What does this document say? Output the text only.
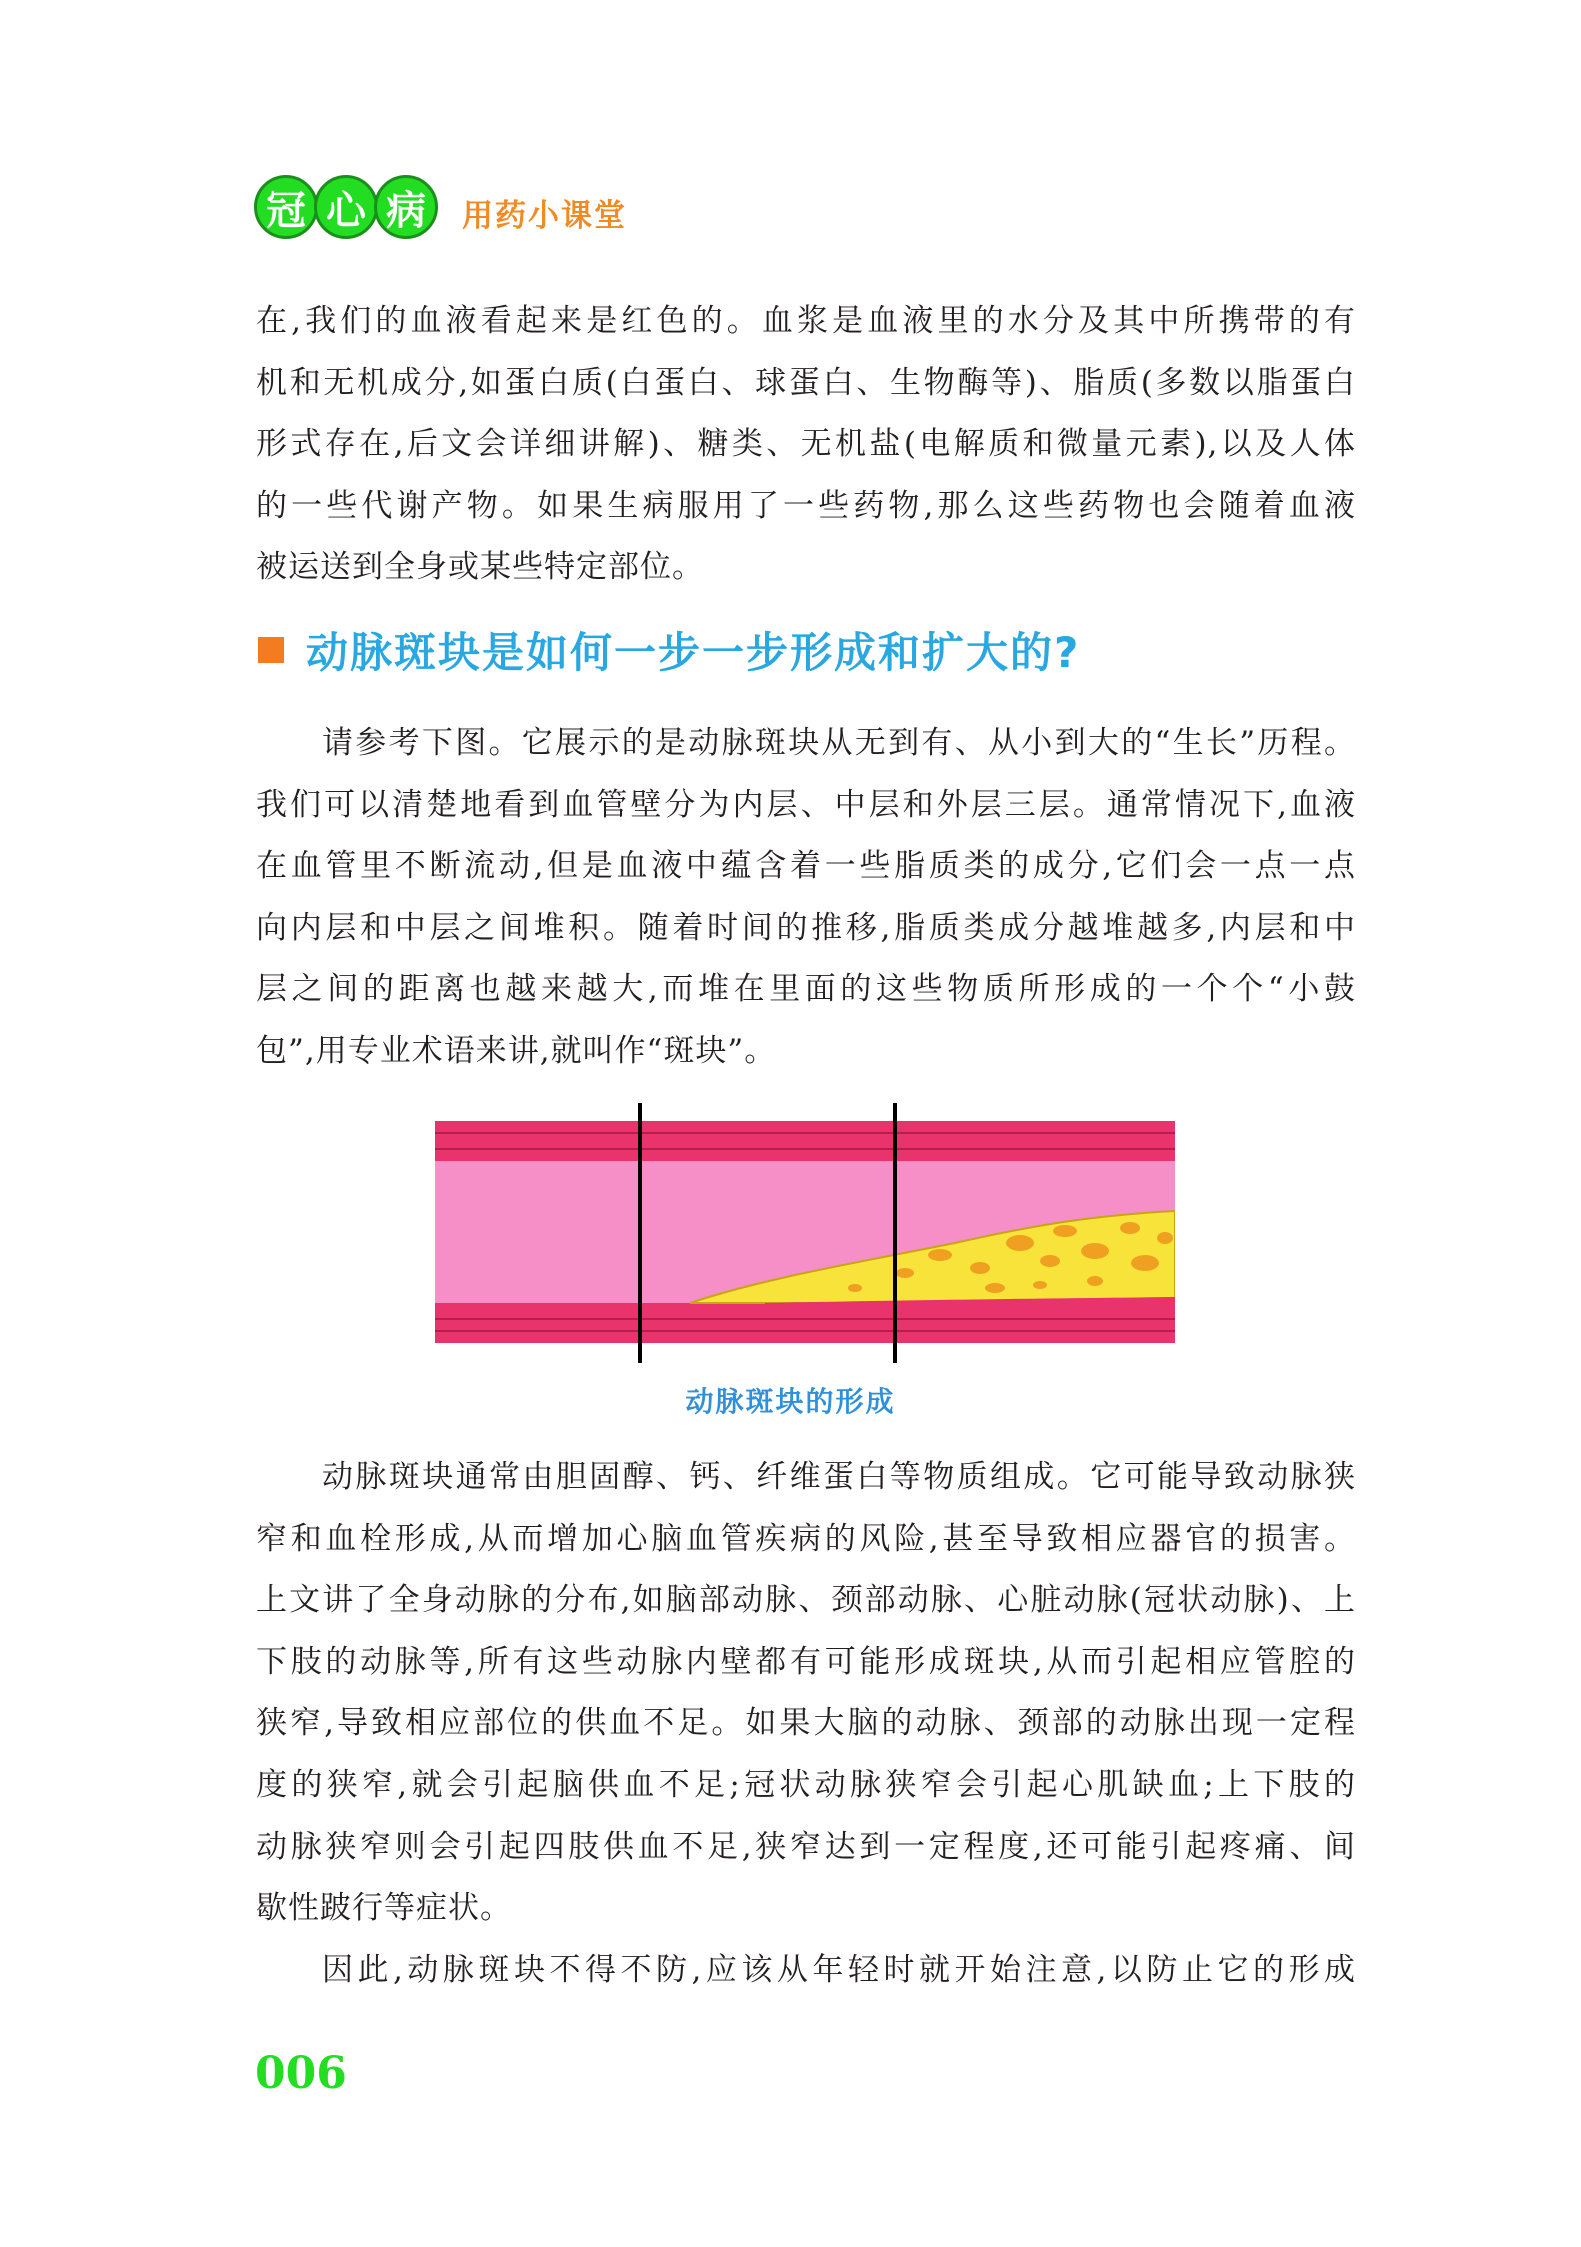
冠 心 病	用药小课堂
在,我们的血液看起来是红色的。血浆是血液里的水分及其中所携带的有
机和无机成分,如蛋白质(白蛋白、球蛋白、生物酶等)、脂质(多数以脂蛋白
形式存在,后文会详细讲解)、糖类、无机盐(电解质和微量元素),以及人体
的一些代谢产物。如果生病服用了一些药物,那么这些药物也会随着血液
被运送到全身或某些特定部位。
动脉斑块是如何一步一步形成和扩大的?
请参考下图。它展示的是动脉斑块从无到有、从小到大的“生长”历程。
我们可以清楚地看到血管壁分为内层、中层和外层三层。通常情况下,血液
在血管里不断流动,但是血液中蕴含着一些脂质类的成分,它们会一点一点
向内层和中层之间堆积。随着时间的推移,脂质类成分越堆越多,内层和中
层之间的距离也越来越大,而堆在里面的这些物质所形成的一个个“小鼓
包”,用专业术语来讲,就叫作“斑块”。
动脉斑块的形成
动脉斑块通常由胆固醇、钙、纤维蛋白等物质组成。它可能导致动脉狭
窄和血栓形成,从而增加心脑血管疾病的风险,甚至导致相应器官的损害。
上文讲了全身动脉的分布,如脑部动脉、颈部动脉、心脏动脉(冠状动脉)、上
下肢的动脉等,所有这些动脉内壁都有可能形成斑块,从而引起相应管腔的
狭窄,导致相应部位的供血不足。如果大脑的动脉、颈部的动脉出现一定程
度的狭窄,就会引起脑供血不足;冠状动脉狭窄会引起心肌缺血;上下肢的
动脉狭窄则会引起四肢供血不足,狭窄达到一定程度,还可能引起疼痛、间
歇性跛行等症状。
因此,动脉斑块不得不防,应该从年轻时就开始注意,以防止它的形成
006
